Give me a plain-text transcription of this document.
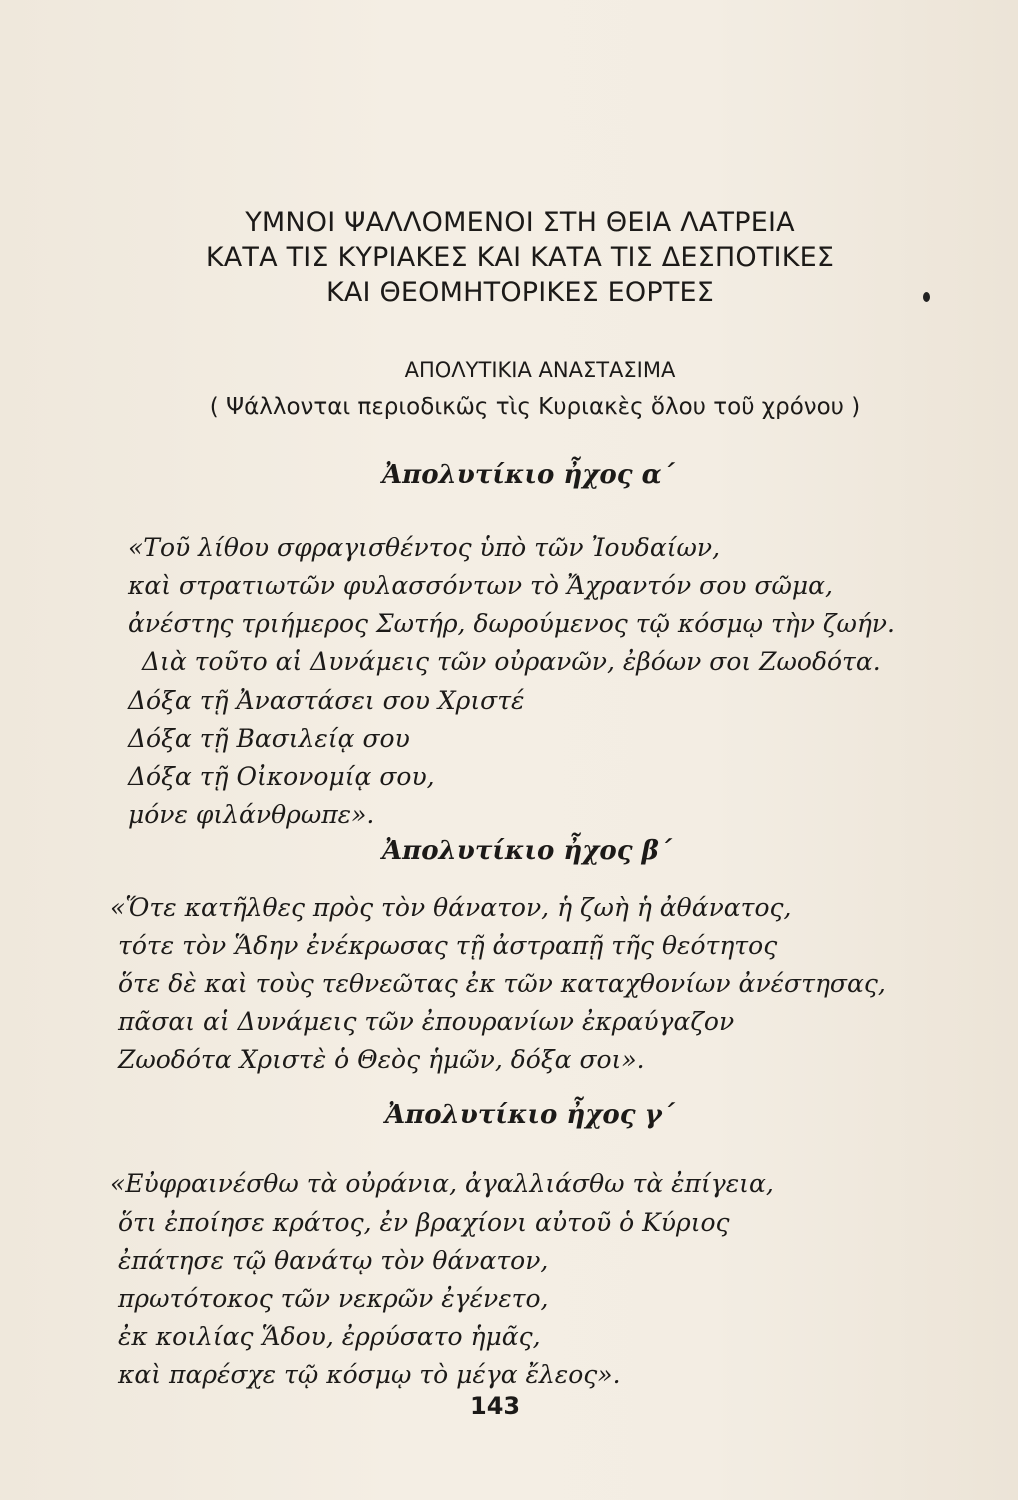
ΥΜΝΟΙ ΨΑΛΛΟΜΕΝΟΙ ΣΤΗ ΘΕΙΑ ΛΑΤΡΕΙΑ
ΚΑΤΑ ΤΙΣ ΚΥΡΙΑΚΕΣ ΚΑΙ ΚΑΤΑ ΤΙΣ ΔΕΣΠΟΤΙΚΕΣ
ΚΑΙ ΘΕΟΜΗΤΟΡΙΚΕΣ ΕΟΡΤΕΣ
ΑΠΟΛΥΤΙΚΙΑ ΑΝΑΣΤΑΣΙΜΑ
( Ψάλλονται περιοδικῶς τὶς Κυριακὲς ὅλου τοῦ χρόνου )
Ἀπολυτίκιο ἦχος α΄
«Τοῦ λίθου σφραγισθέντος ὑπὸ τῶν Ἰουδαίων,
καὶ στρατιωτῶν φυλασσόντων τὸ Ἄχραντόν σου σῶμα,
ἀνέστης τριήμερος Σωτήρ, δωρούμενος τῷ κόσμῳ τὴν ζωήν.
Διὰ τοῦτο αἱ Δυνάμεις τῶν οὐρανῶν, ἐβόων σοι Ζωοδότα.
Δόξα τῇ Ἀναστάσει σου Χριστέ
Δόξα τῇ Βασιλείᾳ σου
Δόξα τῇ Οἰκονομίᾳ σου,
μόνε φιλάνθρωπε».
Ἀπολυτίκιο ἦχος β΄
«Ὅτε κατῆλθες πρὸς τὸν θάνατον, ἡ ζωὴ ἡ ἀθάνατος,
τότε τὸν Ἅδην ἐνέκρωσας τῇ ἀστραπῇ τῆς θεότητος
ὅτε δὲ καὶ τοὺς τεθνεῶτας ἐκ τῶν καταχθονίων ἀνέστησας,
πᾶσαι αἱ Δυνάμεις τῶν ἐπουρανίων ἐκραύγαζον
Ζωοδότα Χριστὲ ὁ Θεὸς ἡμῶν, δόξα σοι».
Ἀπολυτίκιο ἦχος γ΄
«Εὐφραινέσθω τὰ οὐράνια, ἀγαλλιάσθω τὰ ἐπίγεια,
ὅτι ἐποίησε κράτος, ἐν βραχίονι αὐτοῦ ὁ Κύριος
ἐπάτησε τῷ θανάτῳ τὸν θάνατον,
πρωτότοκος τῶν νεκρῶν ἐγένετο,
ἐκ κοιλίας Ἅδου, ἐρρύσατο ἡμᾶς,
καὶ παρέσχε τῷ κόσμῳ τὸ μέγα ἔλεος».
143
